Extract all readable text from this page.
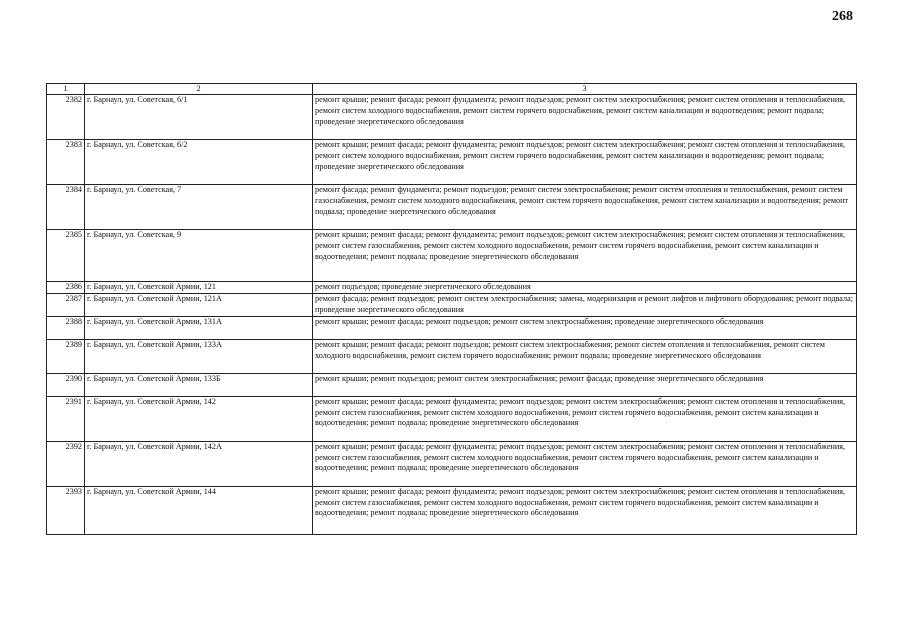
268
1	2	3
2382	г. Барнаул, ул. Советская, 6/1	ремонт крыши; ремонт фасада; ремонт фундамента; ремонт подъездов; ремонт систем электроснабжения; ремонт систем отопления и теплоснабжения, ремонт систем холодного водоснабжения, ремонт систем горячего водоснабжения, ремонт систем канализации и водоотведения; ремонт подвала; проведение энергетического обследования
2383	г. Барнаул, ул. Советская, 6/2	ремонт крыши; ремонт фасада; ремонт фундамента; ремонт подъездов; ремонт систем электроснабжения; ремонт систем отопления и теплоснабжения, ремонт систем холодного водоснабжения, ремонт систем горячего водоснабжения, ремонт систем канализации и водоотведения; ремонт подвала; проведение энергетического обследования
2384	г. Барнаул, ул. Советская, 7	ремонт фасада; ремонт фундамента; ремонт подъездов; ремонт систем электроснабжения; ремонт систем отопления и теплоснабжения, ремонт систем газоснабжения, ремонт систем холодного водоснабжения, ремонт систем горячего водоснабжения, ремонт систем канализации и водоотведения; ремонт подвала; проведение энергетического обследования
2385	г. Барнаул, ул. Советская, 9	ремонт крыши; ремонт фасада; ремонт фундамента; ремонт подъездов; ремонт систем электроснабжения; ремонт систем отопления и теплоснабжения, ремонт систем газоснабжения, ремонт систем холодного водоснабжения, ремонт систем горячего водоснабжения, ремонт систем канализации и водоотведения; ремонт подвала; проведение энергетического обследования
2386	г. Барнаул, ул. Советской Армии, 121	ремонт подъездов; проведение энергетического обследования
2387	г. Барнаул, ул. Советской Армии, 121А	ремонт фасада; ремонт подъездов; ремонт систем электроснабжения; замена, модернизация и ремонт лифтов и лифтового оборудования; ремонт подвала; проведение энергетического обследования
2388	г. Барнаул, ул. Советской Армии, 131А	ремонт крыши; ремонт фасада; ремонт подъездов; ремонт систем электроснабжения; проведение энергетического обследования
2389	г. Барнаул, ул. Советской Армии, 133А	ремонт крыши; ремонт фасада; ремонт подъездов; ремонт систем электроснабжения; ремонт систем отопления и теплоснабжения, ремонт систем холодного водоснабжения, ремонт систем горячего водоснабжения; ремонт подвала; проведение энергетического обследования
2390	г. Барнаул, ул. Советской Армии, 133Б	ремонт крыши; ремонт подъездов; ремонт систем электроснабжения; ремонт фасада; проведение энергетического обследования
2391	г. Барнаул, ул. Советской Армии, 142	ремонт крыши; ремонт фасада; ремонт фундамента; ремонт подъездов; ремонт систем электроснабжения; ремонт систем отопления и теплоснабжения, ремонт систем газоснабжения, ремонт систем холодного водоснабжения, ремонт систем горячего водоснабжения, ремонт систем канализации и водоотведения; ремонт подвала; проведение энергетического обследования
2392	г. Барнаул, ул. Советской Армии, 142А	ремонт крыши; ремонт фасада; ремонт фундамента; ремонт подъездов; ремонт систем электроснабжения; ремонт систем отопления и теплоснабжения, ремонт систем газоснабжения, ремонт систем холодного водоснабжения, ремонт систем горячего водоснабжения, ремонт систем канализации и водоотведения; ремонт подвала; проведение энергетического обследования
2393	г. Барнаул, ул. Советской Армии, 144	ремонт крыши; ремонт фасада; ремонт фундамента; ремонт подъездов; ремонт систем электроснабжения; ремонт систем отопления и теплоснабжения, ремонт систем газоснабжения, ремонт систем холодного водоснабжения, ремонт систем горячего водоснабжения, ремонт систем канализации и водоотведения; ремонт подвала; проведение энергетического обследования
